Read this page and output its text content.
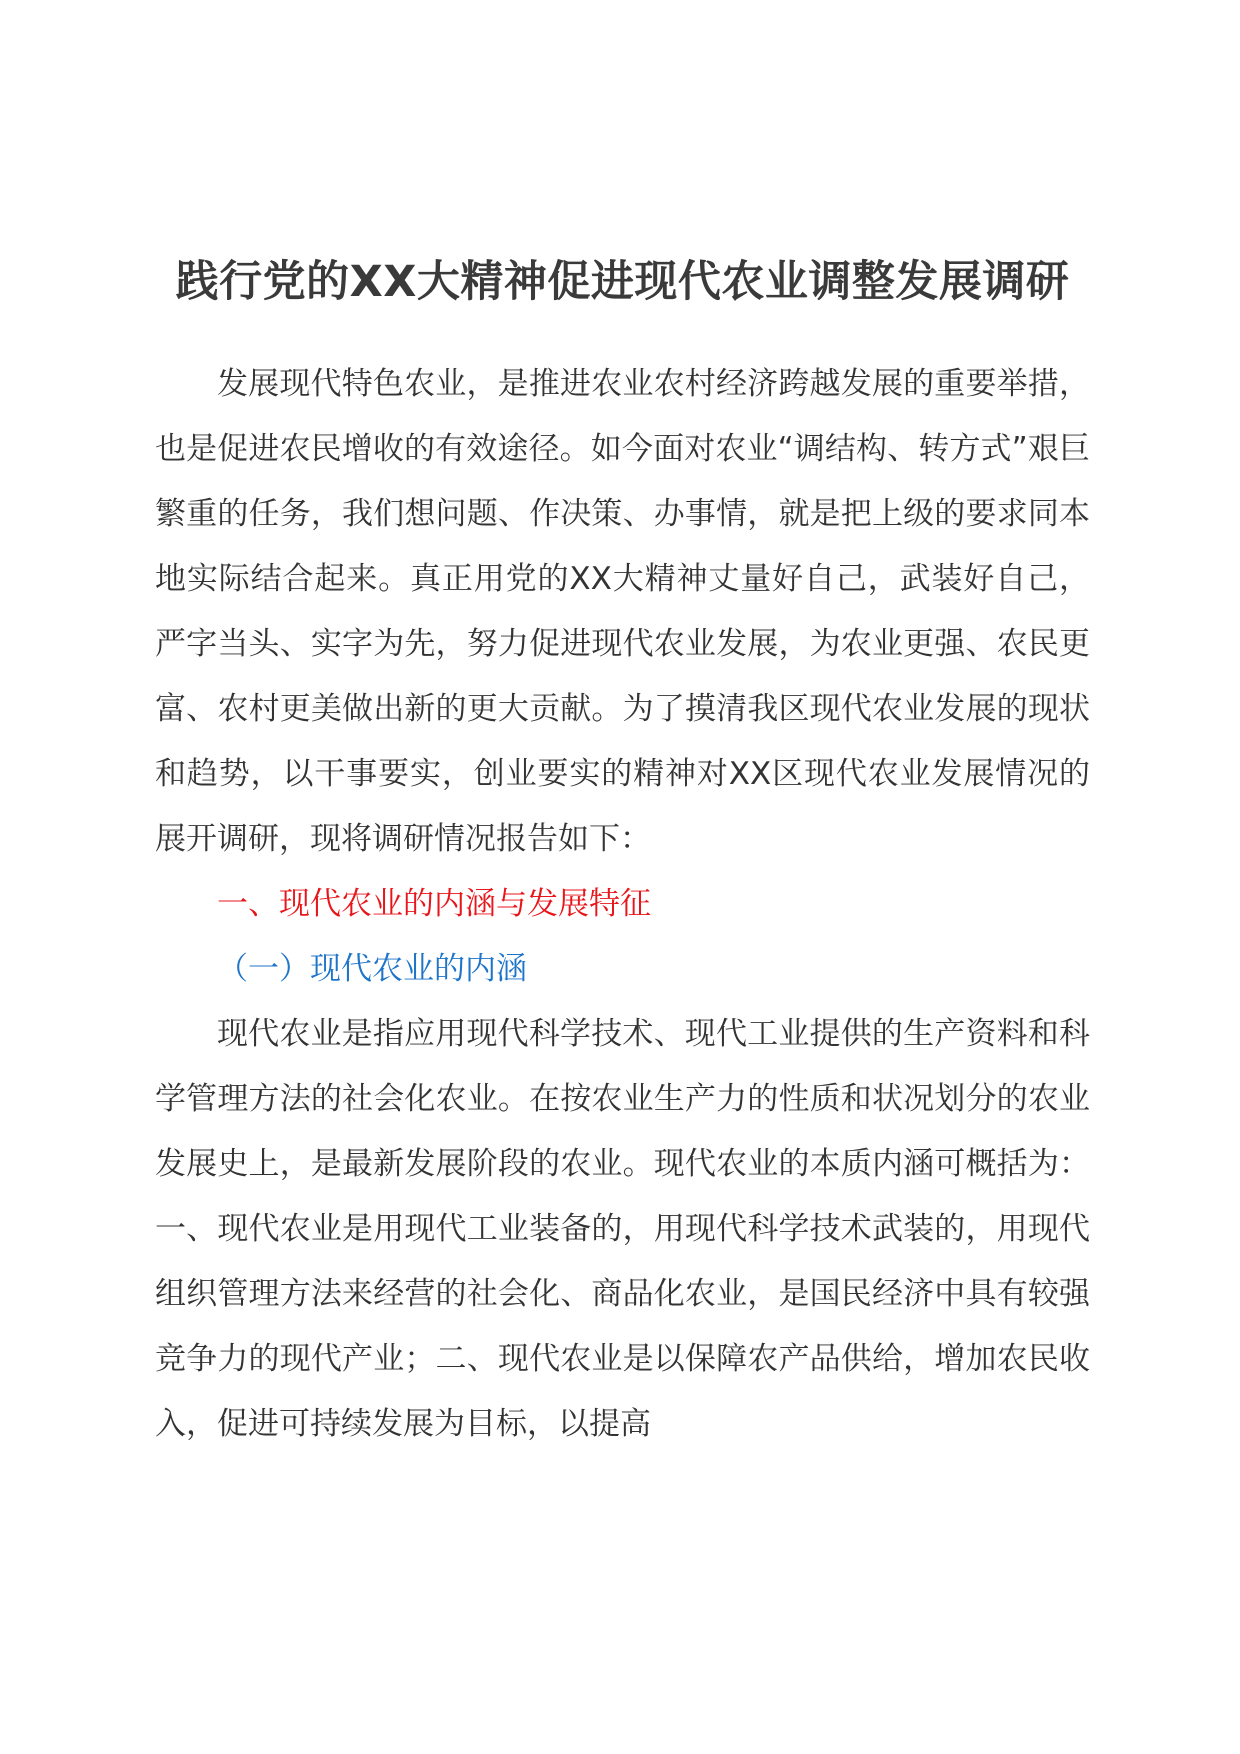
践行党的XX大精神促进现代农业调整发展调研

发展现代特色农业，是推进农业农村经济跨越发展的重要举措，也是促进农民增收的有效途径。如今面对农业“调结构、转方式”艰巨繁重的任务，我们想问题、作决策、办事情，就是把上级的要求同本地实际结合起来。真正用党的XX大精神丈量好自己，武装好自己，严字当头、实字为先，努力促进现代农业发展，为农业更强、农民更富、农村更美做出新的更大贡献。为了摸清我区现代农业发展的现状和趋势，以干事要实，创业要实的精神对XX区现代农业发展情况的展开调研，现将调研情况报告如下：

一、现代农业的内涵与发展特征

（一）现代农业的内涵

现代农业是指应用现代科学技术、现代工业提供的生产资料和科学管理方法的社会化农业。在按农业生产力的性质和状况划分的农业发展史上，是最新发展阶段的农业。现代农业的本质内涵可概括为：一、现代农业是用现代工业装备的，用现代科学技术武装的，用现代组织管理方法来经营的社会化、商品化农业，是国民经济中具有较强竞争力的现代产业；二、现代农业是以保障农产品供给，增加农民收入，促进可持续发展为目标，以提高
